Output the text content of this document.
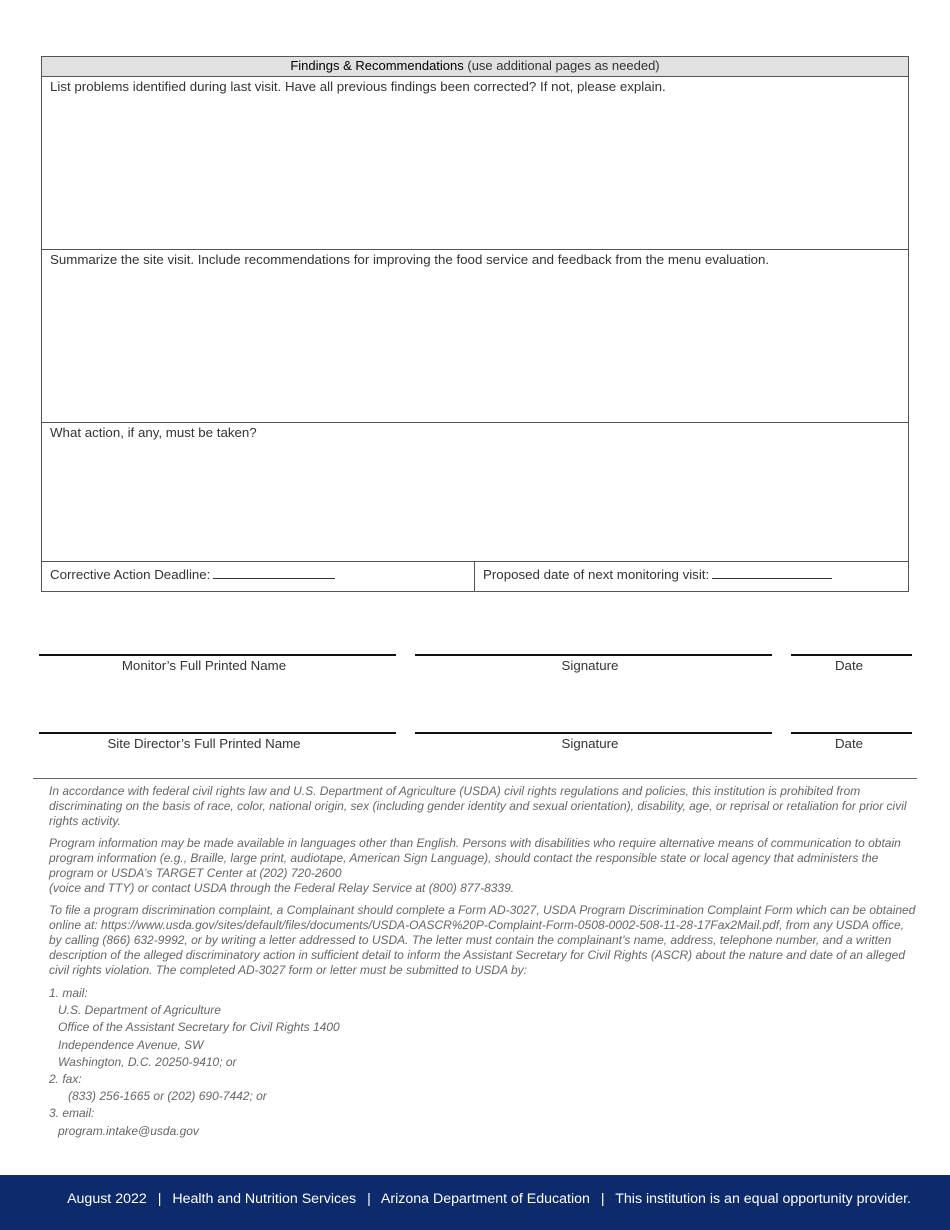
Findings & Recommendations (use additional pages as needed)
List problems identified during last visit. Have all previous findings been corrected? If not, please explain.
Summarize the site visit. Include recommendations for improving the food service and feedback from the menu evaluation.
What action, if any, must be taken?
Corrective Action Deadline:	Proposed date of next monitoring visit:
Monitor’s Full Printed Name	Signature	Date
Site Director’s Full Printed Name	Signature	Date

In accordance with federal civil rights law and U.S. Department of Agriculture (USDA) civil rights regulations and policies, this institution is prohibited from discriminating on the basis of race, color, national origin, sex (including gender identity and sexual orientation), disability, age, or reprisal or retaliation for prior civil rights activity.

Program information may be made available in languages other than English. Persons with disabilities who require alternative means of communication to obtain program information (e.g., Braille, large print, audiotape, American Sign Language), should contact the responsible state or local agency that administers the program or USDA’s TARGET Center at (202) 720-2600

(voice and TTY) or contact USDA through the Federal Relay Service at (800) 877-8339.

To file a program discrimination complaint, a Complainant should complete a Form AD-3027, USDA Program Discrimination Complaint Form which can be obtained online at: https://www.usda.gov/sites/default/files/documents/USDA-OASCR%20P-Complaint-Form-0508-0002-508-11-28-17Fax2Mail.pdf, from any USDA office, by calling (866) 632-9992, or by writing a letter addressed to USDA. The letter must contain the complainant’s name, address, telephone number, and a written description of the alleged discriminatory action in sufficient detail to inform the Assistant Secretary for Civil Rights (ASCR) about the nature and date of an alleged civil rights violation. The completed AD-3027 form or letter must be submitted to USDA by:

1. mail:
U.S. Department of Agriculture
Office of the Assistant Secretary for Civil Rights 1400
Independence Avenue, SW
Washington, D.C. 20250-9410; or
2. fax:
(833) 256-1665 or (202) 690-7442; or
3. email:
program.intake@usda.gov
August 2022 | Health and Nutrition Services | Arizona Department of Education | This institution is an equal opportunity provider.
